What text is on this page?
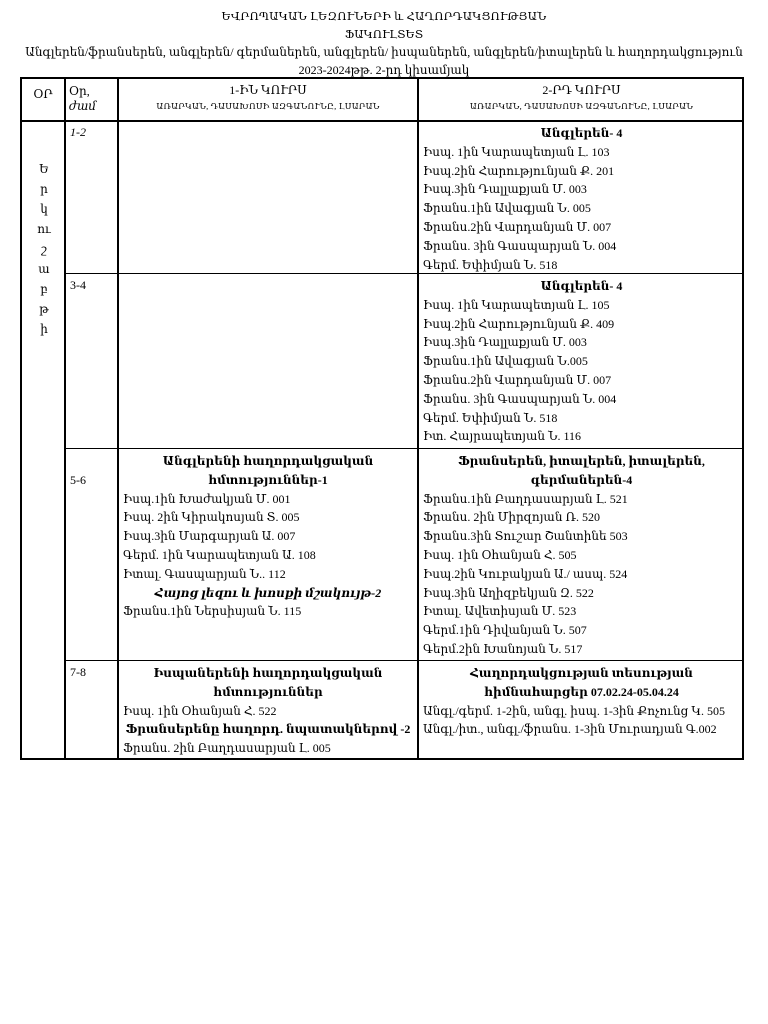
ԵՎՐՈՊԱԿԱՆ ԼԵԶՈՒՆԵՐԻ և ՀԱՂՈՐԴԱԿՑՈՒԹՅԱՆ
ՖԱԿՈՒԼՏԵՏ
Անգլերեն/ֆրանսերեն, անգլերեն/ գերմաներեն, անգլերեն/ իսպաներեն, անգլերեն/իտալերեն և հաղորդակցություն
2023-2024թթ. 2-րդ կիսամյակ
ՕՐ	Օր,
ժամ
1-ԻՆ ԿՈՒՐՍ
ԱՌԱՐԿԱՆ, ԴԱՍԱԽՈՍԻ ԱԶԳԱՆՈՒՆԸ, ԼՍԱՐԱՆ
2-ՐԴ ԿՈՒՐՍ
ԱՌԱՐԿԱՆ, ԴԱՍԱԽՈՍԻ ԱԶԳԱՆՈՒՆԸ, ԼՍԱՐԱՆ
Ե
ր
կ
ու
շ
ա
բ
թ
ի
1-2
3-4
5-6
7-8
Անգլերեն- 4
Իսպ. 1ին Կարապետյան Լ. 103
Իսպ.2ին Հարությունյան Ք. 201
Իսպ.3ին Դալլաքյան Մ. 003
Ֆրանս.1ին Ավագյան Ն. 005
Ֆրանս.2ին Վարդանյան Մ. 007
Ֆրանս. 3ին Գասպարյան Ն. 004
Գերմ. Եփիմյան Ն. 518
Անգլերեն- 4
Իսպ. 1ին Կարապետյան Լ. 105
Իսպ.2ին Հարությունյան Ք. 409
Իսպ.3ին Դալլաքյան Մ. 003
Ֆրանս.1ին Ավագյան Ն.005
Ֆրանս.2ին Վարդանյան Մ. 007
Ֆրանս. 3ին Գասպարյան Ն. 004
Գերմ. Եփիմյան Ն. 518
Իտ. Հայրապետյան Ն. 116
Անգլերենի հաղորդակցական հմտություններ-1
Իսպ.1ին Խաժակյան Մ. 001
Իսպ. 2ին Կիրակոսյան Տ. 005
Իսպ.3ին Մարգարյան Ա. 007
Գերմ. 1ին Կարապետյան Ա. 108
Իտալ. Գասպարյան Ն.. 112
Հայոց լեզու և խոսքի մշակույթ-2
Ֆրանս.1ին Ներսիսյան Ն. 115
Ֆրանսերեն, իտալերեն, իտալերեն, գերմաներեն-4
Ֆրանս.1ին Բաղդասարյան Լ. 521
Ֆրանս. 2ին Միրզոյան Ռ. 520
Ֆրանս.3ին Տուշար Շանտինե 503
Իսպ. 1ին Օհանյան Հ. 505
Իսպ.2ին Կուբակյան Ա./ ասպ. 524
Իսպ.3ին Աղիզբեկյան Զ. 522
Իտալ. Ավետիսյան Մ. 523
Գերմ.1ին Դիվանյան Ն. 507
Գերմ.2ին Խանոյան Ն. 517
Իսպաներենի հաղորդակցական հմտություններ
Իսպ. 1ին Օհանյան Հ. 522
Ֆրանսերենը հաղորդ. նպատակներով -2
Ֆրանս. 2ին Բաղդասարյան Լ. 005
Հաղորդակցության տեսության հիմնահարցեր 07.02.24-05.04.24
Անգլ./գերմ. 1-2ին, անգլ. իսպ. 1-3ին Քոչունց Կ. 505
Անգլ./իտ., անգլ./ֆրանս. 1-3ին Մուրադյան Գ.002
